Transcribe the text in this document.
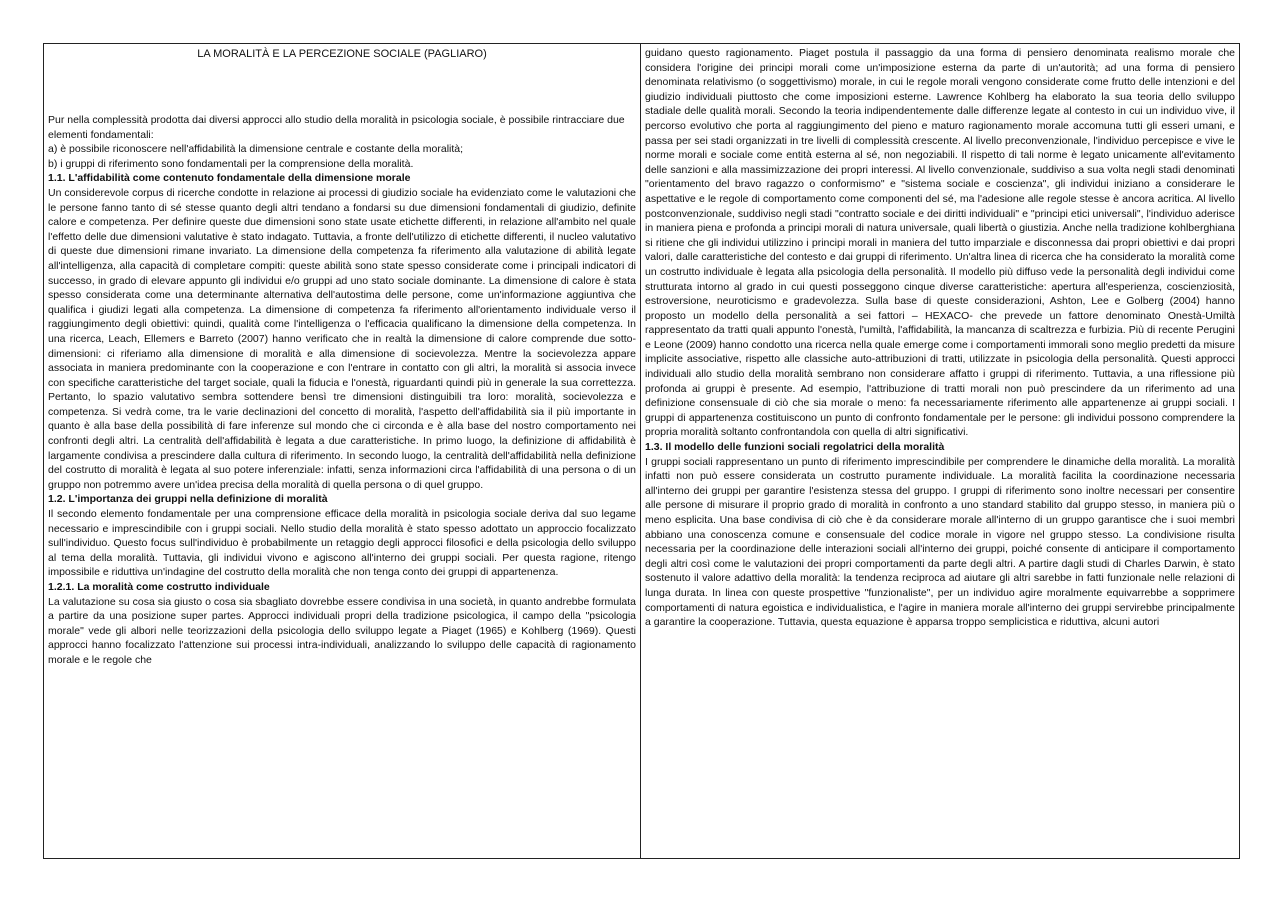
LA MORALITÀ E LA PERCEZIONE SOCIALE (PAGLIARO)

Pur nella complessità prodotta dai diversi approcci allo studio della moralità in psicologia sociale, è possibile rintracciare due elementi fondamentali:

a) è possibile riconoscere nell'affidabilità la dimensione centrale e costante della moralità;

b) i gruppi di riferimento sono fondamentali per la comprensione della moralità.

1.1. L'affidabilità come contenuto fondamentale della dimensione morale

Un considerevole corpus di ricerche condotte in relazione ai processi di giudizio sociale ha evidenziato come le valutazioni che le persone fanno tanto di sé stesse quanto degli altri tendano a fondarsi su due dimensioni fondamentali di giudizio, definite calore e competenza. Per definire queste due dimensioni sono state usate etichette differenti, in relazione all'ambito nel quale l'effetto delle due dimensioni valutative è stato indagato. Tuttavia, a fronte dell'utilizzo di etichette differenti, il nucleo valutativo di queste due dimensioni rimane invariato. La dimensione della competenza fa riferimento alla valutazione di abilità legate all'intelligenza, alla capacità di completare compiti: queste abilità sono state spesso considerate come i principali indicatori di successo, in grado di elevare appunto gli individui e/o gruppi ad uno stato sociale dominante. La dimensione di calore è stata spesso considerata come una determinante alternativa dell'autostima delle persone, come un'informazione aggiuntiva che qualifica i giudizi legati alla competenza. La dimensione di competenza fa riferimento all'orientamento individuale verso il raggiungimento degli obiettivi: quindi, qualità come l'intelligenza o l'efficacia qualificano la dimensione della competenza. In una ricerca, Leach, Ellemers e Barreto (2007) hanno verificato che in realtà la dimensione di calore comprende due sotto-dimensioni: ci riferiamo alla dimensione di moralità e alla dimensione di socievolezza. Mentre la socievolezza appare associata in maniera predominante con la cooperazione e con l'entrare in contatto con gli altri, la moralità si associa invece con specifiche caratteristiche del target sociale, quali la fiducia e l'onestà, riguardanti quindi più in generale la sua correttezza. Pertanto, lo spazio valutativo sembra sottendere bensì tre dimensioni distinguibili tra loro: moralità, socievolezza e competenza. Si vedrà come, tra le varie declinazioni del concetto di moralità, l'aspetto dell'affidabilità sia il più importante in quanto è alla base della possibilità di fare inferenze sul mondo che ci circonda e è alla base del nostro comportamento nei confronti degli altri. La centralità dell'affidabilità è legata a due caratteristiche. In primo luogo, la definizione di affidabilità è largamente condivisa a prescindere dalla cultura di riferimento. In secondo luogo, la centralità dell'affidabilità nella definizione del costrutto di moralità è legata al suo potere inferenziale: infatti, senza informazioni circa l'affidabilità di una persona o di un gruppo non potremmo avere un'idea precisa della moralità di quella persona o di quel gruppo.

1.2. L'importanza dei gruppi nella definizione di moralità

Il secondo elemento fondamentale per una comprensione efficace della moralità in psicologia sociale deriva dal suo legame necessario e imprescindibile con i gruppi sociali. Nello studio della moralità è stato spesso adottato un approccio focalizzato sull'individuo. Questo focus sull'individuo è probabilmente un retaggio degli approcci filosofici e della psicologia dello sviluppo al tema della moralità. Tuttavia, gli individui vivono e agiscono all'interno dei gruppi sociali. Per questa ragione, ritengo impossibile e riduttiva un'indagine del costrutto della moralità che non tenga conto dei gruppi di appartenenza.

1.2.1. La moralità come costrutto individuale

La valutazione su cosa sia giusto o cosa sia sbagliato dovrebbe essere condivisa in una società, in quanto andrebbe formulata a partire da una posizione super partes. Approcci individuali propri della tradizione psicologica, il campo della "psicologia morale" vede gli albori nelle teorizzazioni della psicologia dello sviluppo legate a Piaget (1965) e Kohlberg (1969). Questi approcci hanno focalizzato l'attenzione sui processi intra-individuali, analizzando lo sviluppo delle capacità di ragionamento morale e le regole che

guidano questo ragionamento. Piaget postula il passaggio da una forma di pensiero denominata realismo morale che considera l'origine dei principi morali come un'imposizione esterna da parte di un'autorità; ad una forma di pensiero denominata relativismo (o soggettivismo) morale, in cui le regole morali vengono considerate come frutto delle intenzioni e del giudizio individuali piuttosto che come imposizioni esterne. Lawrence Kohlberg ha elaborato la sua teoria dello sviluppo stadiale delle qualità morali. Secondo la teoria indipendentemente dalle differenze legate al contesto in cui un individuo vive, il percorso evolutivo che porta al raggiungimento del pieno e maturo ragionamento morale accomuna tutti gli esseri umani, e passa per sei stadi organizzati in tre livelli di complessità crescente. Al livello preconvenzionale, l'individuo percepisce e vive le norme morali e sociale come entità esterna al sé, non negoziabili. Il rispetto di tali norme è legato unicamente all'evitamento delle sanzioni e alla massimizzazione dei propri interessi. Al livello convenzionale, suddiviso a sua volta negli stadi denominati "orientamento del bravo ragazzo o conformismo" e "sistema sociale e coscienza", gli individui iniziano a considerare le aspettative e le regole di comportamento come componenti del sé, ma l'adesione alle regole stesse è ancora acritica. Al livello postconvenzionale, suddiviso negli stadi "contratto sociale e dei diritti individuali" e "principi etici universali", l'individuo aderisce in maniera piena e profonda a principi morali di natura universale, quali libertà o giustizia. Anche nella tradizione kohlberghiana si ritiene che gli individui utilizzino i principi morali in maniera del tutto imparziale e disconnessa dai propri obiettivi e dai propri valori, dalle caratteristiche del contesto e dai gruppi di riferimento. Un'altra linea di ricerca che ha considerato la moralità come un costrutto individuale è legata alla psicologia della personalità. Il modello più diffuso vede la personalità degli individui come strutturata intorno al grado in cui questi posseggono cinque diverse caratteristiche: apertura all'esperienza, coscienziosità, estroversione, neuroticismo e gradevolezza. Sulla base di queste considerazioni, Ashton, Lee e Golberg (2004) hanno proposto un modello della personalità a sei fattori – HEXACO- che prevede un fattore denominato Onestà-Umiltà rappresentato da tratti quali appunto l'onestà, l'umiltà, l'affidabilità, la mancanza di scaltrezza e furbizia. Più di recente Perugini e Leone (2009) hanno condotto una ricerca nella quale emerge come i comportamenti immorali sono meglio predetti da misure implicite associative, rispetto alle classiche auto-attribuzioni di tratti, utilizzate in psicologia della personalità. Questi approcci individuali allo studio della moralità sembrano non considerare affatto i gruppi di riferimento. Tuttavia, a una riflessione più profonda ai gruppi è presente. Ad esempio, l'attribuzione di tratti morali non può prescindere da un riferimento ad una definizione consensuale di ciò che sia morale o meno: fa necessariamente riferimento alle appartenenze ai gruppi sociali. I gruppi di appartenenza costituiscono un punto di confronto fondamentale per le persone: gli individui possono comprendere la propria moralità soltanto confrontandola con quella di altri significativi.

1.3. Il modello delle funzioni sociali regolatrici della moralità

I gruppi sociali rappresentano un punto di riferimento imprescindibile per comprendere le dinamiche della moralità. La moralità infatti non può essere considerata un costrutto puramente individuale. La moralità facilita la coordinazione necessaria all'interno dei gruppi per garantire l'esistenza stessa del gruppo. I gruppi di riferimento sono inoltre necessari per consentire alle persone di misurare il proprio grado di moralità in confronto a uno standard stabilito dal gruppo stesso, in maniera più o meno esplicita. Una base condivisa di ciò che è da considerare morale all'interno di un gruppo garantisce che i suoi membri abbiano una conoscenza comune e consensuale del codice morale in vigore nel gruppo stesso. La condivisione risulta necessaria per la coordinazione delle interazioni sociali all'interno dei gruppi, poiché consente di anticipare il comportamento degli altri così come le valutazioni dei propri comportamenti da parte degli altri. A partire dagli studi di Charles Darwin, è stato sostenuto il valore adattivo della moralità: la tendenza reciproca ad aiutare gli altri sarebbe in fatti funzionale nelle relazioni di lunga durata. In linea con queste prospettive "funzionaliste", per un individuo agire moralmente equivarrebbe a sopprimere comportamenti di natura egoistica e individualistica, e l'agire in maniera morale all'interno dei gruppi servirebbe principalmente a garantire la cooperazione. Tuttavia, questa equazione è apparsa troppo semplicistica e riduttiva, alcuni autori
